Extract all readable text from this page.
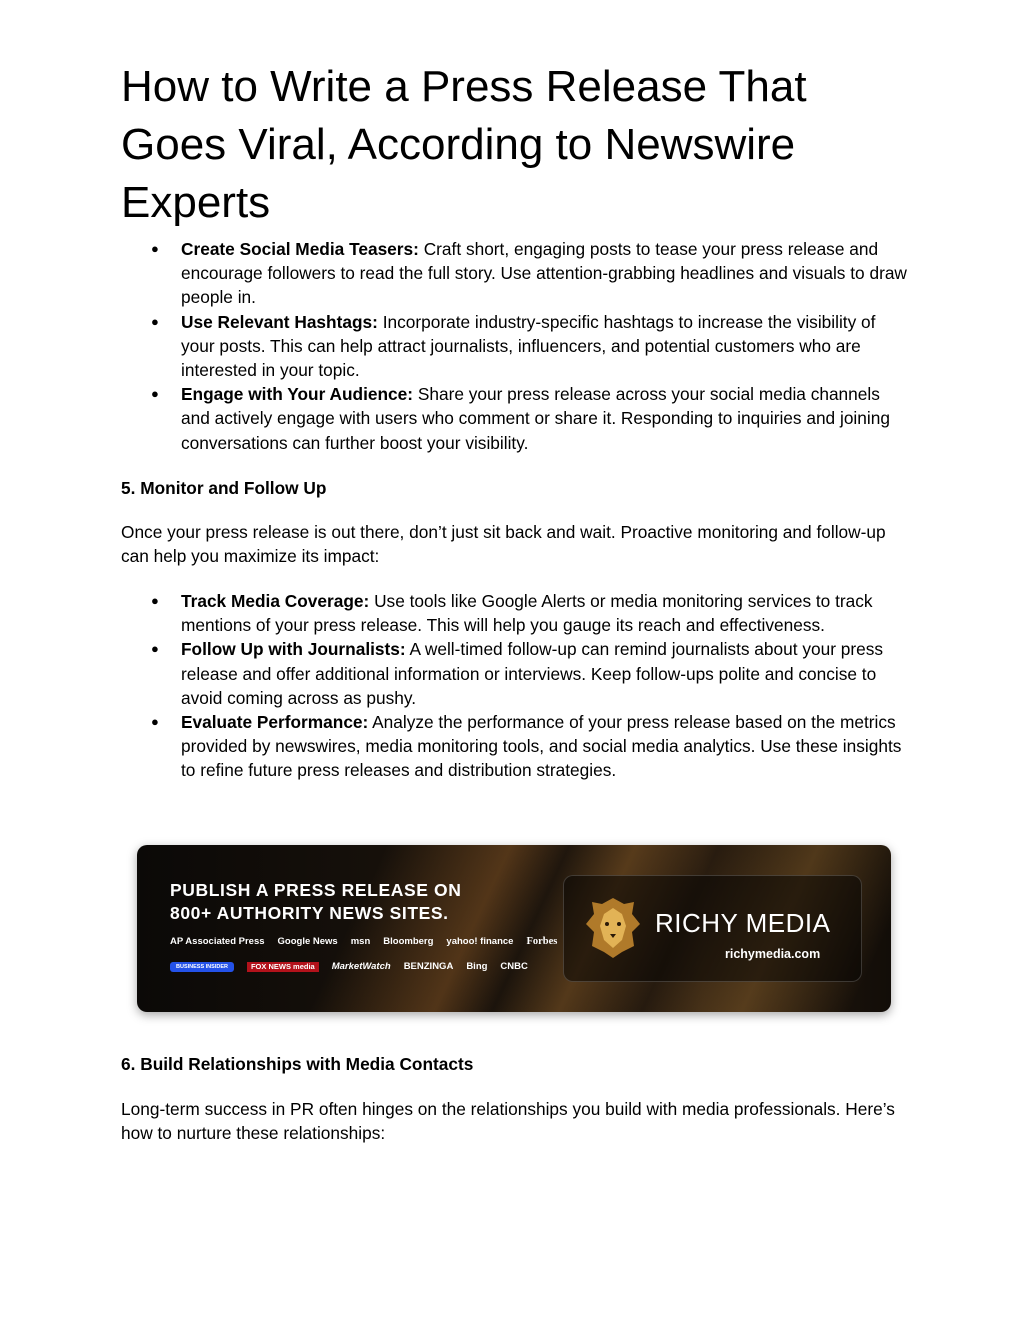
How to Write a Press Release That Goes Viral, According to Newswire Experts
● Create Social Media Teasers: Craft short, engaging posts to tease your press release and encourage followers to read the full story. Use attention-grabbing headlines and visuals to draw people in.
● Use Relevant Hashtags: Incorporate industry-specific hashtags to increase the visibility of your posts. This can help attract journalists, influencers, and potential customers who are interested in your topic.
● Engage with Your Audience: Share your press release across your social media channels and actively engage with users who comment or share it. Responding to inquiries and joining conversations can further boost your visibility.
5. Monitor and Follow Up

Once your press release is out there, don’t just sit back and wait. Proactive monitoring and follow-up can help you maximize its impact:

● Track Media Coverage: Use tools like Google Alerts or media monitoring services to track mentions of your press release. This will help you gauge its reach and effectiveness.
● Follow Up with Journalists: A well-timed follow-up can remind journalists about your press release and offer additional information or interviews. Keep follow-ups polite and concise to avoid coming across as pushy.
● Evaluate Performance: Analyze the performance of your press release based on the metrics provided by newswires, media monitoring tools, and social media analytics. Use these insights to refine future press releases and distribution strategies.

PUBLISH A PRESS RELEASE ON
800+ AUTHORITY NEWS SITES.

AP Associated Press Google News msn Bloomberg yahoo! finance Forbes
BUSINESS INSIDER	FOX NEWS media	MarketWatch BENZINGA Bing CNBC

RICHY MEDIA

richymedia.com

6. Build Relationships with Media Contacts

Long-term success in PR often hinges on the relationships you build with media professionals. Here’s how to nurture these relationships:
